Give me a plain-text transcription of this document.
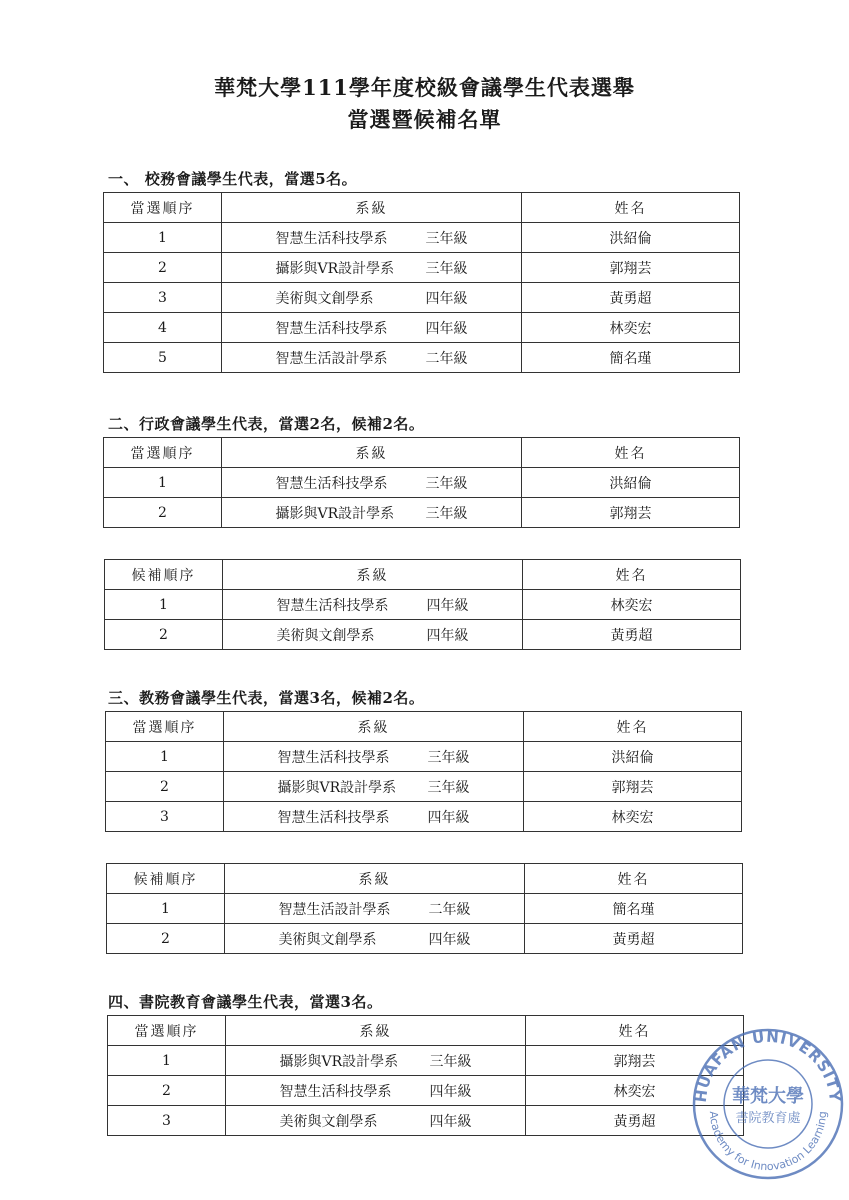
華梵大學111學年度校級會議學生代表選舉
當選暨候補名單
一、 校務會議學生代表，當選5名。
當選順序	系級	姓名
1	智慧生活科技學系 三年級	洪紹倫
2	攝影與VR設計學系 三年級	郭翔芸
3	美術與文創學系 四年級	黃勇超
4	智慧生活科技學系 四年級	林奕宏
5	智慧生活設計學系 二年級	簡名瑾
二、行政會議學生代表，當選2名，候補2名。
當選順序	系級	姓名
1	智慧生活科技學系 三年級	洪紹倫
2	攝影與VR設計學系 三年級	郭翔芸
候補順序	系級	姓名
1	智慧生活科技學系 四年級	林奕宏
2	美術與文創學系 四年級	黃勇超
三、教務會議學生代表，當選3名，候補2名。
當選順序	系級	姓名
1	智慧生活科技學系 三年級	洪紹倫
2	攝影與VR設計學系 三年級	郭翔芸
3	智慧生活科技學系 四年級	林奕宏
候補順序	系級	姓名
1	智慧生活設計學系 二年級	簡名瑾
2	美術與文創學系 四年級	黃勇超
四、書院教育會議學生代表，當選3名。
當選順序	系級	姓名
1	攝影與VR設計學系 三年級	郭翔芸
2	智慧生活科技學系 四年級	林奕宏
3	美術與文創學系 四年級	黃勇超
HUAFAN UNIVERSITY
Academy for Innovation Learning
華梵大學
書院教育處
